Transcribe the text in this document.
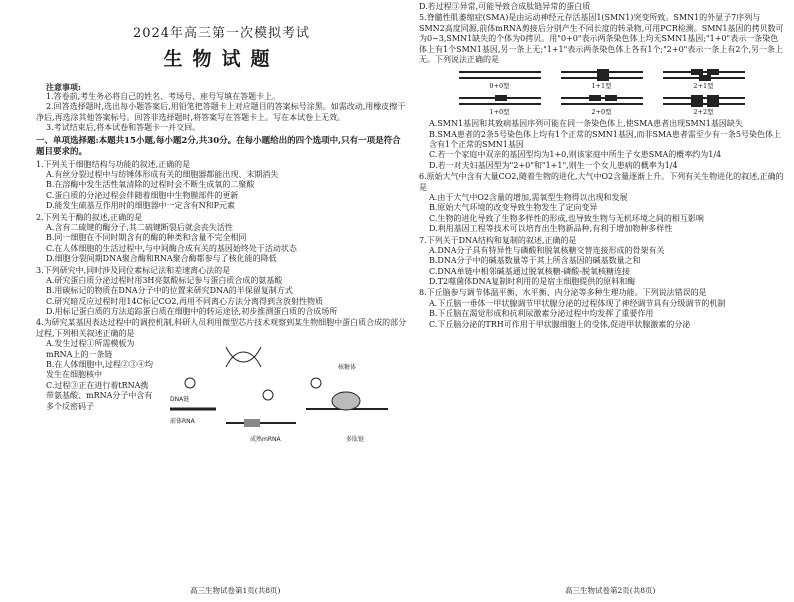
2024年高三第一次模拟考试
生物试题

注意事项:

1.答卷前,考生务必将自己的姓名、考场号、座号写填在答题卡上。

2.回答选择题时,选出每小题答案后,用铅笔把答题卡上对应题目的答案标号涂黑。如需改动,用橡皮擦干净后,再选涂其他答案标号。回答非选择题时,将答案写在答题卡上。写在本试卷上无效。

3.考试结束后,将本试卷和答题卡一并交回。

一、单项选择题:本题共15小题,每小题2分,共30分。在每小题给出的四个选项中,只有一项是符合题目要求的。

1.下列关于细胞结构与功能的叙述,正确的是

A.有丝分裂过程中与纺锤体形成有关的细胞器都能出现、末期消失

B.在溶酶中发生活性氧清除的过程时会不断生成氧的二聚酸

C.蛋白质的分泌过程会伴随着细胞中生物膜部件的更新

D.能发生硫基互作用时的细胞器中一定含有N和P元素

2.下列关于酶的叙述,正确的是

A.含有二硫键的酶分子,其二硫键断裂后就会丧失活性

B.同一细胞在不同时期含有的酶的种类和含量不完全相同

C.在人体细胞的生活过程中,与中间酶合成有关的基因始终处于活动状态

D.细胞分裂间期DNA聚合酶和RNA聚合酶都参与了核化能的降低

3.下列研究中,同时涉及同位素标记法和差速离心法的是

A.研究蛋白质分泌过程时用3H亮氨酸标记参与蛋白质合成的氨基酸

B.用碳标记的物质在DNA分子中的位置来研究DNA的半保留复制方式

C.研究暗反应过程时用14C标记CO2,再用不同离心方法分离得到含放射性物质

D.用标记蛋白质的方法追踪蛋白质在细胞中的转运途径,初步推测蛋白质的合成场所

4.为研究某基因表达过程中的调控机制,科研人员利用微型芯片技术观察到某生物细胞中蛋白质合成的部分过程,下列相关叙述正确的是

A.发生过程①所需模板为mRNA上的一条链

B.在人体细胞中,过程②③④均发生在细胞核中

C.过程③正在进行着tRNA携带氨基酸、mRNA分子中含有多个反密码子

DNA链
前体RNA
成熟mRNA
核糖体
多肽链
高三生物试卷第1页(共8页)

D.若过程③异常,可能导致合成肽链异常的蛋白质

5.脊髓性肌萎缩症(SMA)是由运动神经元存活基因1(SMN1)突变所致。SMN1的外显子7序列与SMN2高度同源,前体mRNA剪接后分别产生不同长度的转录物,可用PCR检测。SMN1基因的拷贝数可为0~3,SMN1缺失的个体为0拷贝。用"0+0"表示两条染色体上均无SMN1基因;"1+0"表示一条染色体上有1个SMN1基因,另一条上无;"1+1"表示两条染色体上各有1个;"2+0"表示一条上有2个,另一条上无。下列说法正确的是

0+0型	1+1型	2+1型
1+0型	2+0型	2+2型

A.SMN1基因和其致病基因序列可能在同一条染色体上,使SMA患者出现SMN1基因缺失

B.SMA患者的2条5号染色体上均有1个正常的SMN1基因,而非SMA患者需至少有一条5号染色体上含有1个正常的SMN1基因

C.若一个家庭中双亲的基因型均为1+0,则该家庭中所生子女患SMA的概率约为1/4

D.若一对夫妇基因型为"2+0"和"1+1",则生一个女儿患病的概率为1/4

6.原始大气中含有大量CO2,随着生物的进化,大气中O2含量逐渐上升。下列有关生物进化的叙述,正确的是

A.由于大气中O2含量的增加,需氧型生物得以出现和发展

B.原始大气环境的改变导致生物发生了定向变异

C.生物的进化导致了生物多样性的形成,也导致生物与无机环境之间的相互影响

D.利用基因工程等技术可以培育出生物新品种,有利于增加物种多样性

7.下列关于DNA结构和复制的叙述,正确的是

A.DNA分子具有特异性与磷酸和脱氧核糖交替连接形成的骨架有关

B.DNA分子中的碱基数量等于其上所含基因的碱基数量之和

C.DNA单链中相邻碱基通过脱氧核糖-磷酸-脱氧核糖连接

D.T2噬菌体DNA复制时利用的是宿主细胞提供的原料和酶

8.下丘脑参与调节体温平衡、水平衡、内分泌等多种生理功能。下列说法错误的是

A.下丘脑一垂体一甲状腺调节甲状腺分泌的过程体现了神经调节具有分级调节的机制

B.下丘脑在渴觉形成和抗利尿激素分泌过程中均发挥了重要作用

C.下丘脑分泌的TRH可作用于甲状腺细胞上的受体,促进甲状腺激素的分泌

高三生物试卷第2页(共8页)
